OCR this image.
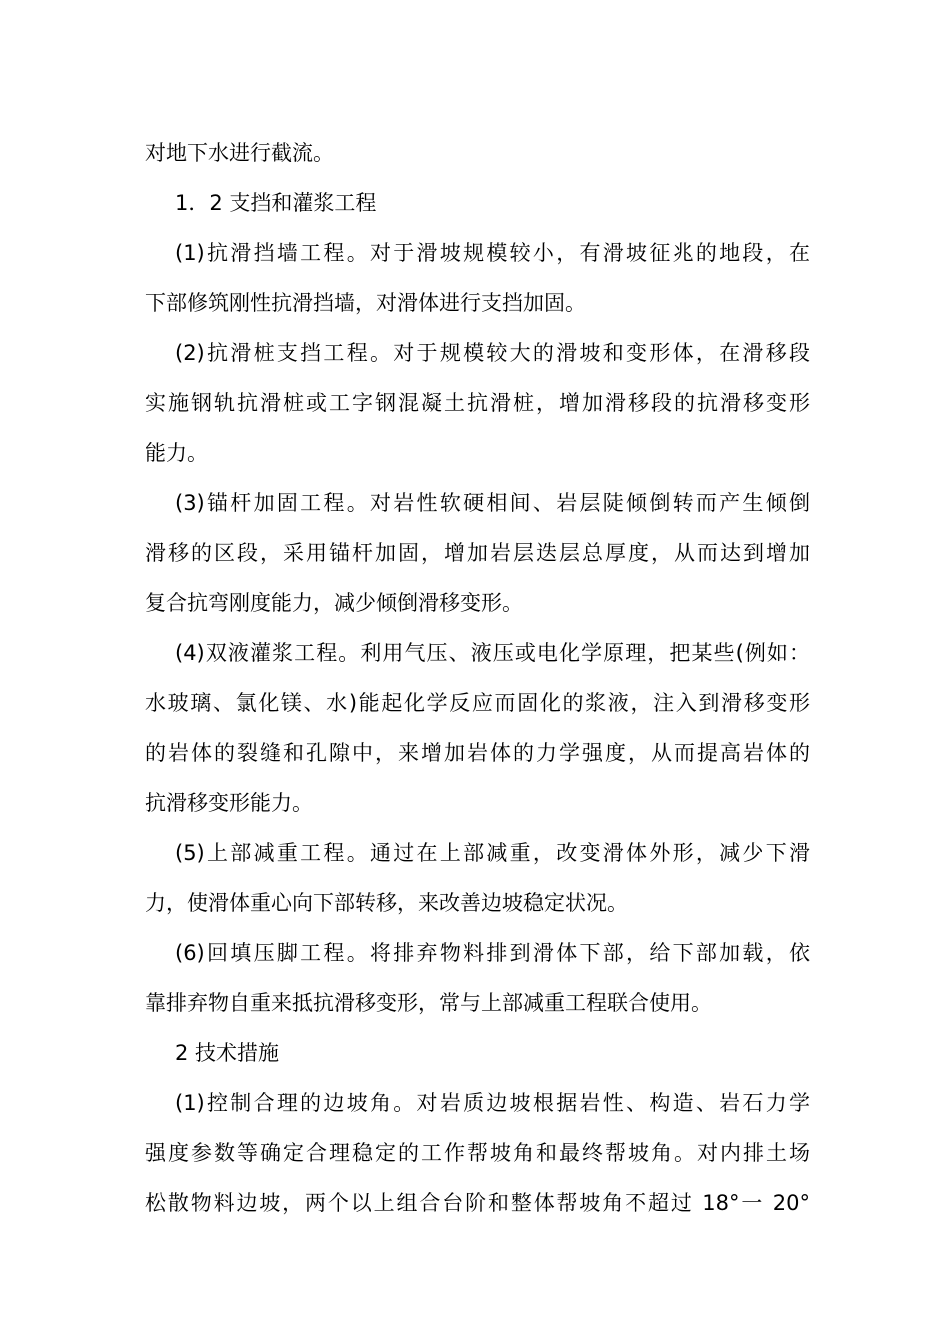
对地下水进行截流。
1．2 支挡和灌浆工程
(1)抗滑挡墙工程。对于滑坡规模较小，有滑坡征兆的地段，在
下部修筑刚性抗滑挡墙，对滑体进行支挡加固。
(2)抗滑桩支挡工程。对于规模较大的滑坡和变形体，在滑移段
实施钢轨抗滑桩或工字钢混凝土抗滑桩，增加滑移段的抗滑移变形
能力。
(3)锚杆加固工程。对岩性软硬相间、岩层陡倾倒转而产生倾倒
滑移的区段，采用锚杆加固，增加岩层迭层总厚度，从而达到增加
复合抗弯刚度能力，减少倾倒滑移变形。
(4)双液灌浆工程。利用气压、液压或电化学原理，把某些(例如：
水玻璃、氯化镁、水)能起化学反应而固化的浆液，注入到滑移变形
的岩体的裂缝和孔隙中，来增加岩体的力学强度，从而提高岩体的
抗滑移变形能力。
(5)上部减重工程。通过在上部减重，改变滑体外形，减少下滑
力，使滑体重心向下部转移，来改善边坡稳定状况。
(6)回填压脚工程。将排弃物料排到滑体下部，给下部加载，依
靠排弃物自重来抵抗滑移变形，常与上部减重工程联合使用。
2 技术措施
(1)控制合理的边坡角。对岩质边坡根据岩性、构造、岩石力学
强度参数等确定合理稳定的工作帮坡角和最终帮坡角。对内排土场
松散物料边坡，两个以上组合台阶和整体帮坡角不超过 18°一 20°
